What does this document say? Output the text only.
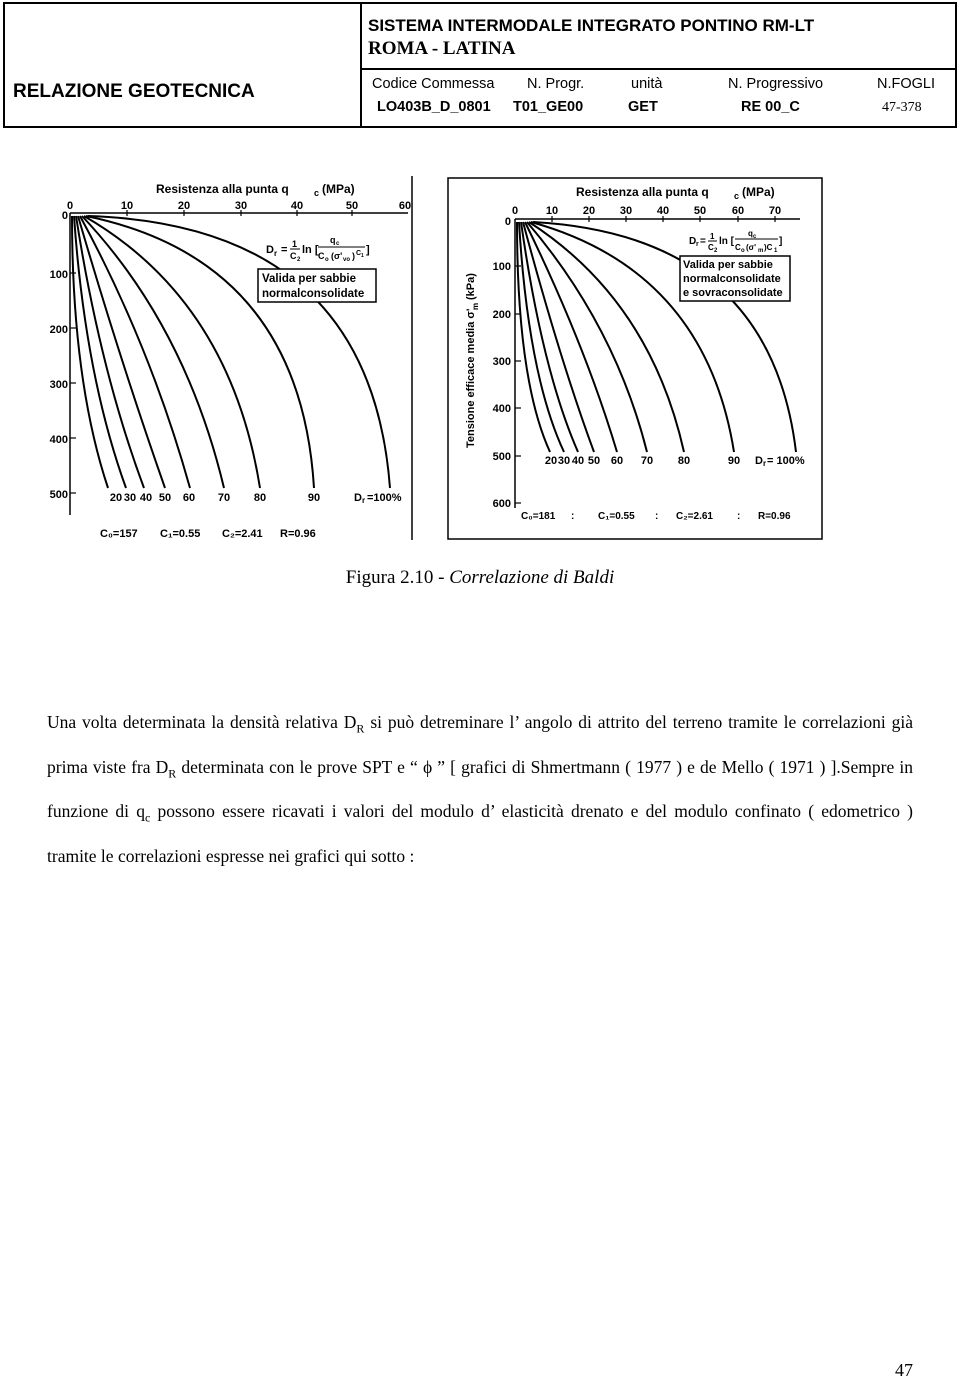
SISTEMA INTERMODALE INTEGRATO PONTINO RM-LT
ROMA - LATINA
RELAZIONE GEOTECNICA	Codice Commessa N. Progr.	unità	N. Progressivo	N.FOGLI
LO403B_D_0801 T01_GE00	GET	RE 00_C	47-378
Resistenza alla punta q	c (MPa)
0	10	20	30	40	50	60
0
100
200
300
400
500	20 30 40 50 60 70 80	90	D r =100%
D r = 1
C 2
ln [
q c
C o (σ' vo ) C 1 ]
Valida per sabbie
normalconsolidate
C₀=157 C₁=0.55 C₂=2.41 R=0.96
Resistenza alla punta q	c (MPa)
0	10 20 30 40 50 60 70
0
100
200
300
400
500
600
Tensione efficace media σ'
m
(kPa)
20 30 40 50 60 70 80	90 D r = 100%
D r = 1
C 2
ln [
q c
C o (σ' m )C 1
]
Valida per sabbie
normalconsolidate
e sovraconsolidate
C₀=181 : C₁=0.55 : C₂=2.61 : R=0.96
Figura 2.10 - Correlazione di Baldi
Una volta determinata la densità relativa $D_R$ si può detreminare l’ angolo di attrito del terreno tramite le correlazioni già prima viste fra $D_R$ determinata con le prove SPT e “ ϕ ” [ grafici di Shmertmann ( 1977 ) e de Mello ( 1971 ) ].Sempre in funzione di $q_c$ possono essere ricavati i valori del modulo d’ elasticità drenato e del modulo confinato ( edometrico ) tramite le correlazioni espresse nei grafici qui sotto :
47
